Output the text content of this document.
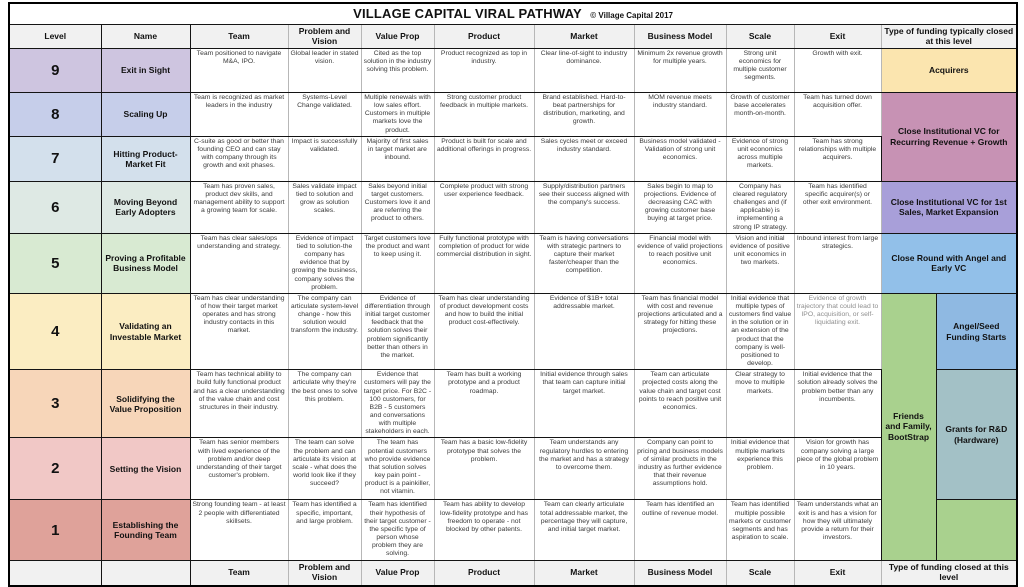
VILLAGE CAPITAL VIRAL PATHWAY © Village Capital 2017											
Level	Name	Team	Problem and Vision	Value Prop	Product	Market	Business Model	Scale	Exit	Type of funding typically closed at this level	
9	Exit in Sight	Team positioned to navigate M&A, IPO.	Global leader in stated vision.	Cited as the top solution in the industry solving this problem.	Product recognized as top in industry.	Clear line-of-sight to industry dominance.	Minimum 2x revenue growth for multiple years.	Strong unit economics for multiple customer segments.	Growth with exit.	Acquirers	
8	Scaling Up	Team is recognized as market leaders in the industry	Systems-Level Change validated.	Multiple renewals with low sales effort. Customers in multiple markets love the product.	Strong customer product feedback in multiple markets.	Brand established. Hard-to-beat partnerships for distribution, marketing, and growth.	MOM revenue meets industry standard.	Growth of customer base accelerates month-on-month.	Team has turned down acquisition offer.	Close Institutional VC for Recurring Revenue + Growth	
7	Hitting Product-Market Fit	C-suite as good or better than founding CEO and can stay with company through its growth and exit phases.	Impact is successfully validated.	Majority of first sales in target market are inbound.	Product is built for scale and additional offerings in progress.	Sales cycles meet or exceed industry standard.	Business model validated - Validation of strong unit economics.	Evidence of strong unit economics across multiple markets.	Team has strong relationships with multiple acquirers.		
6	Moving Beyond Early Adopters	Team has proven sales, product dev skills, and management ability to support a growing team for scale.	Sales validate impact tied to solution and grow as solution scales.	Sales beyond initial target customers. Customers love it and are referring the product to others.	Complete product with strong user experience feedback.	Supply/distribution partners see their success aligned with the company's success.	Sales begin to map to projections. Evidence of decreasing CAC with growing customer base buying at target price.	Company has cleared regulatory challenges and (if applicable) is implementing a strong IP strategy.	Team has identified specific acquirer(s) or other exit environment.	Close Institutional VC for 1st Sales, Market Expansion	
5	Proving a Profitable Business Model	Team has clear sales/ops understanding and strategy.	Evidence of impact tied to solution-the company has evidence that by growing the business, company solves the problem.	Target customers love the product and want to keep using it.	Fully functional prototype with completion of product for wide commercial distribution in sight.	Team is having conversations with strategic partners to capture their market faster/cheaper than the competition.	Financial model with evidence of valid projections to reach positive unit economics.	Vision and initial evidence of positive unit economics in two markets.	Inbound interest from large strategics.	Close Round with Angel and Early VC	
4	Validating an Investable Market	Team has clear understanding of how their target market operates and has strong industry contacts in this market.	The company can articulate system-level change - how this solution would transform the industry.	Evidence of differentiation through initial target customer feedback that the solution solves their problem significantly better than others in the market.	Team has clear understanding of product development costs and how to build the initial product cost-effectively.	Evidence of $1B+ total addressable market.	Team has financial model with cost and revenue projections articulated and a strategy for hitting these projections.	Initial evidence that multiple types of customers find value in the solution or in an extension of the product that the company is well-positioned to develop.	Evidence of growth trajectory that could lead to IPO, acquisition, or self-liquidating exit.	Friends and Family, BootStrap	Angel/Seed Funding Starts
3	Solidifying the Value Proposition	Team has technical ability to build fully functional product and has a clear understanding of the value chain and cost structures in their industry.	The company can articulate why they're the best ones to solve this problem.	Evidence that customers will pay the target price. For B2C - 100 customers, for B2B - 5 customers and conversations with multiple stakeholders in each.	Team has built a working prototype and a product roadmap.	Initial evidence through sales that team can capture initial target market.	Team can articulate projected costs along the value chain and target cost points to reach positive unit economics.	Clear strategy to move to multiple markets.	Initial evidence that the solution already solves the problem better than any incumbents.		Grants for R&D (Hardware)
2	Setting the Vision	Team has senior members with lived experience of the problem and/or deep understanding of their target customer's problem.	The team can solve the problem and can articulate its vision at scale - what does the world look like if they succeed?	The team has potential customers who provide evidence that solution solves key pain point - product is a painkiller, not vitamin.	Team has a basic low-fidelity prototype that solves the problem.	Team understands any regulatory hurdles to entering the market and has a strategy to overcome them.	Company can point to pricing and business models of similar products in the industry as further evidence that their revenue assumptions hold.	Initial evidence that multiple markets experience this problem.	Vision for growth has company solving a large piece of the global problem in 10 years.		
1	Establishing the Founding Team	Strong founding team - at least 2 people with differentiated skillsets.	Team has identified a specific, important, and large problem.	Team has identified their hypothesis of their target customer - the specific type of person whose problem they are solving.	Team has ability to develop low-fidelity prototype and has freedom to operate - not blocked by other patents.	Team can clearly articulate total addressable market, the percentage they will capture, and initial target market.	Team has identified an outline of revenue model.	Team has identified multiple possible markets or customer segments and has aspiration to scale.	Team understands what an exit is and has a vision for how they will ultimately provide a return for their investors.		
		Team	Problem and Vision	Value Prop	Product	Market	Business Model	Scale	Exit	Type of funding closed at this level	
